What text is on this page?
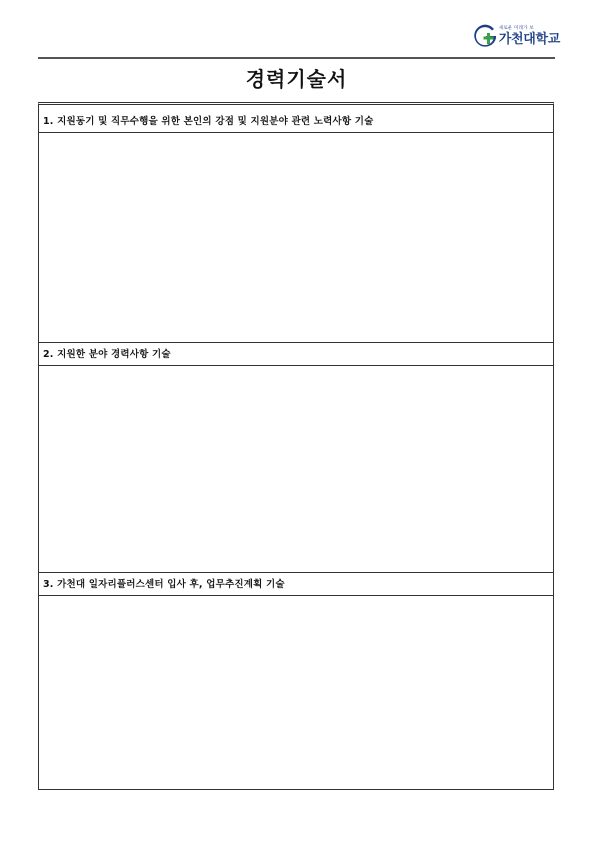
새로운 미래가 보
가천대학교
경력기술서
1. 지원동기 및 직무수행을 위한 본인의 강점 및 지원분야 관련 노력사항 기술
2. 지원한 분야 경력사항 기술
3. 가천대 일자리플러스센터 입사 후, 업무추진계획 기술
